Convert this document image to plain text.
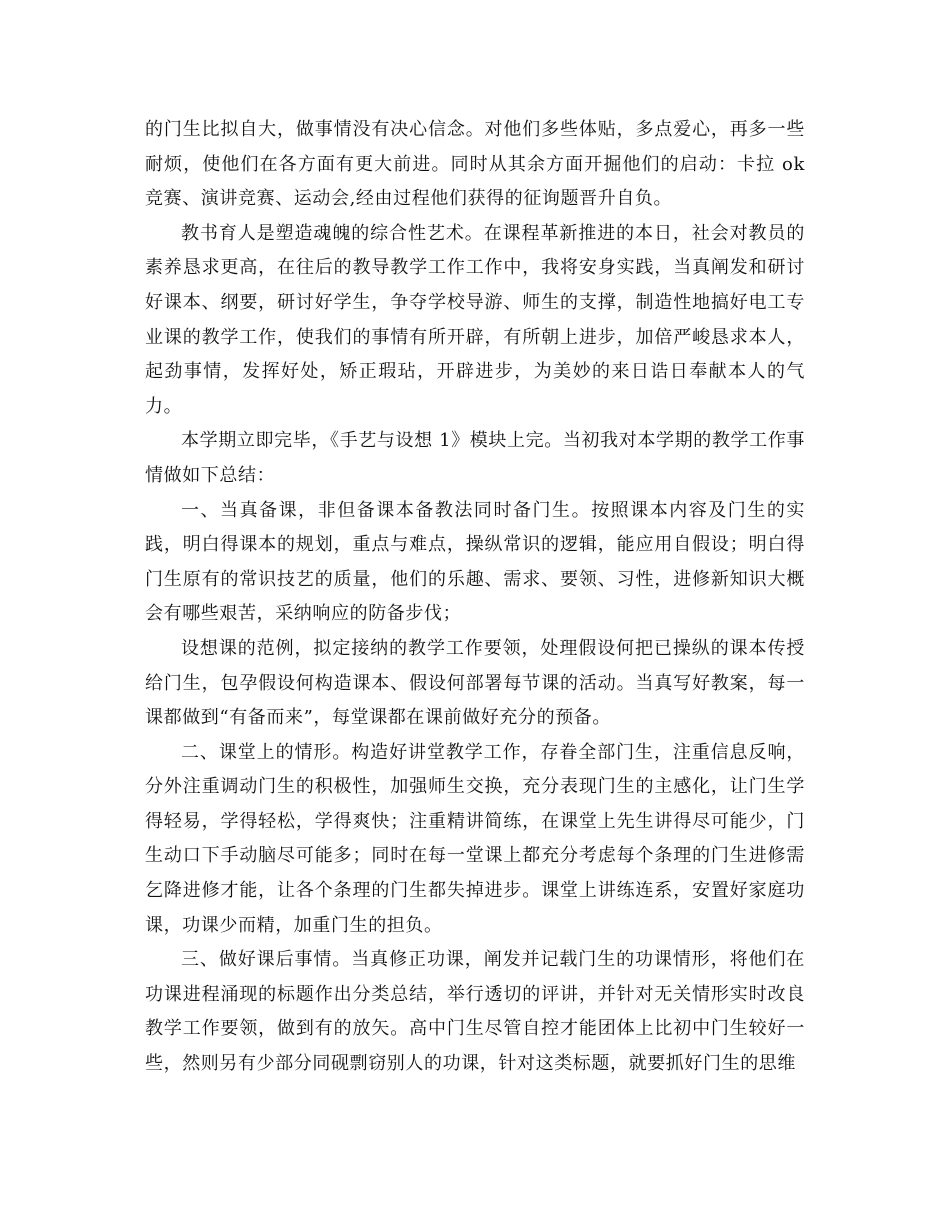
的门生比拟自大，做事情没有决心信念。对他们多些体贴，多点爱心，再多一些耐烦，使他们在各方面有更大前进。同时从其余方面开掘他们的启动：卡拉 ok 竞赛、演讲竞赛、运动会,经由过程他们获得的征询题晋升自负。

教书育人是塑造魂魄的综合性艺术。在课程革新推进的本日，社会对教员的素养恳求更高，在往后的教导教学工作工作中，我将安身实践，当真阐发和研讨好课本、纲要，研讨好学生，争夺学校导游、师生的支撑，制造性地搞好电工专业课的教学工作，使我们的事情有所开辟，有所朝上进步，加倍严峻恳求本人，起劲事情，发挥好处，矫正瑕玷，开辟进步，为美妙的来日诰日奉献本人的气力。

本学期立即完毕，《手艺与设想 1》模块上完。当初我对本学期的教学工作事情做如下总结：

一、当真备课，非但备课本备教法同时备门生。按照课本内容及门生的实践，明白得课本的规划，重点与难点，操纵常识的逻辑，能应用自假设；明白得门生原有的常识技艺的质量，他们的乐趣、需求、要领、习性，进修新知识大概会有哪些艰苦，采纳响应的防备步伐；

设想课的范例，拟定接纳的教学工作要领，处理假设何把已操纵的课本传授给门生，包孕假设何构造课本、假设何部署每节课的活动。当真写好教案，每一课都做到“有备而来”，每堂课都在课前做好充分的预备。

二、课堂上的情形。构造好讲堂教学工作，存眷全部门生，注重信息反响，分外注重调动门生的积极性，加强师生交换，充分表现门生的主感化，让门生学得轻易，学得轻松，学得爽快；注重精讲简练，在课堂上先生讲得尽可能少，门生动口下手动脑尽可能多；同时在每一堂课上都充分考虑每个条理的门生进修需乞降进修才能，让各个条理的门生都失掉进步。课堂上讲练连系，安置好家庭功课，功课少而精，加重门生的担负。

三、做好课后事情。当真修正功课，阐发并记载门生的功课情形，将他们在功课进程涌现的标题作出分类总结，举行透切的评讲，并针对无关情形实时改良教学工作要领，做到有的放矢。高中门生尽管自控才能团体上比初中门生较好一些，然则另有少部分同砚剽窃别人的功课，针对这类标题，就要抓好门生的思维
